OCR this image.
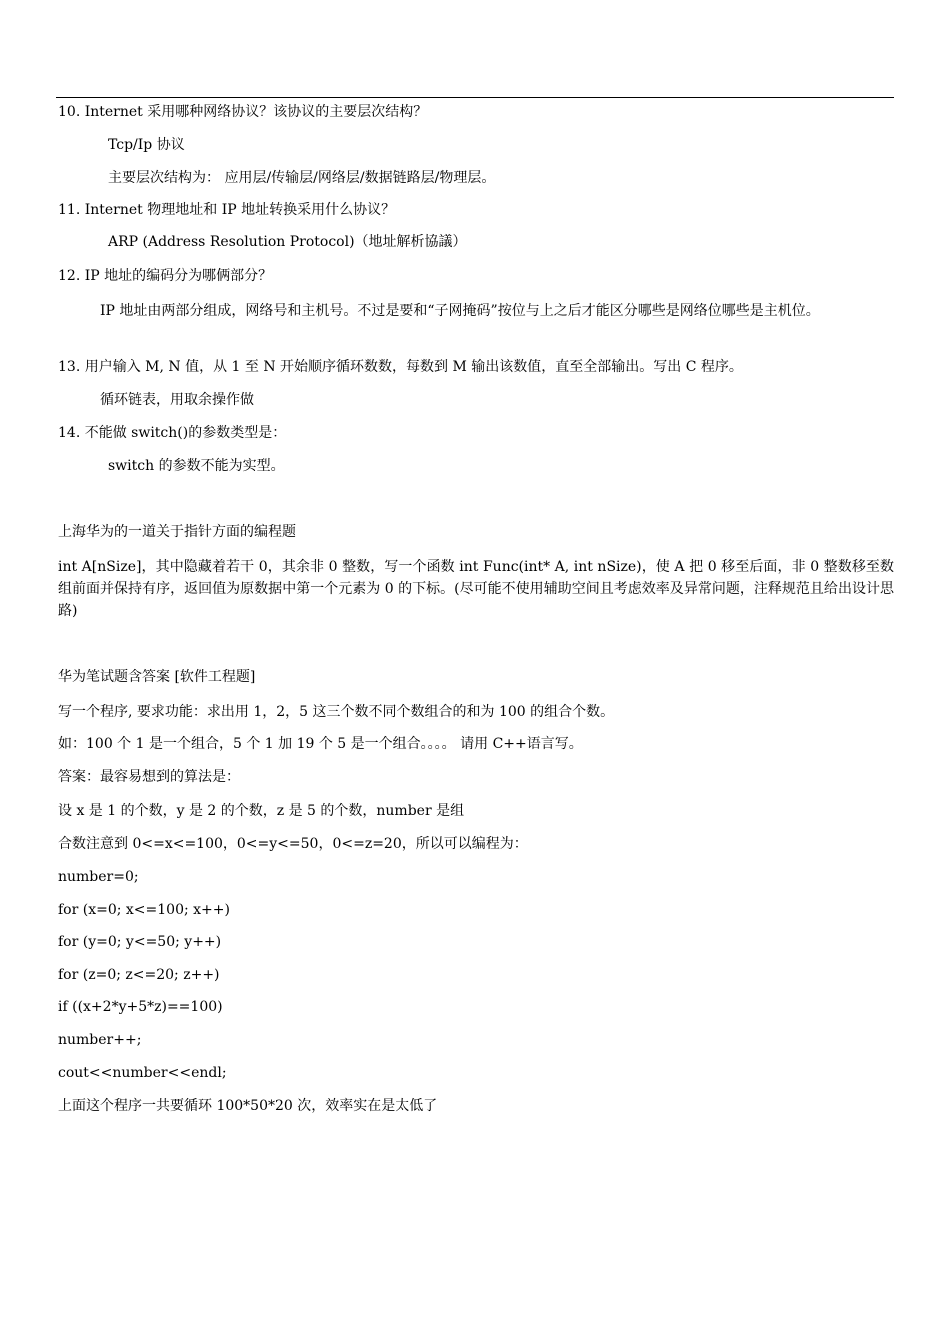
10. Internet 采用哪种网络协议？该协议的主要层次结构？
Tcp/Ip 协议
主要层次结构为： 应用层/传输层/网络层/数据链路层/物理层。
11. Internet 物理地址和 IP 地址转换采用什么协议？
ARP (Address Resolution Protocol)（地址解析協議）
12. IP 地址的编码分为哪俩部分？
IP 地址由两部分组成，网络号和主机号。不过是要和“子网掩码”按位与上之后才能区分哪些是网络位哪些是主机位。
13. 用户输入 M, N 值，从 1 至 N 开始顺序循环数数，每数到 M 输出该数值，直至全部输出。写出 C 程序。
循环链表，用取余操作做
14. 不能做 switch()的参数类型是：
switch 的参数不能为实型。
上海华为的一道关于指针方面的编程题
int A[nSize]，其中隐藏着若干 0，其余非 0 整数，写一个函数 int Func(int* A, int nSize)，使 A 把 0 移至后面，非 0 整数移至数组前面并保持有序，返回值为原数据中第一个元素为 0 的下标。(尽可能不使用辅助空间且考虑效率及异常问题，注释规范且给出设计思路)
华为笔试题含答案 [软件工程题]
写一个程序, 要求功能：求出用 1，2，5 这三个数不同个数组合的和为 100 的组合个数。
如：100 个 1 是一个组合，5 个 1 加 19 个 5 是一个组合。。。。 请用 C++语言写。
答案：最容易想到的算法是：
设 x 是 1 的个数，y 是 2 的个数，z 是 5 的个数，number 是组
合数注意到 0<=x<=100，0<=y<=50，0<=z=20，所以可以编程为：
number=0;
for (x=0; x<=100; x++)
for (y=0; y<=50; y++)
for (z=0; z<=20; z++)
if ((x+2*y+5*z)==100)
number++;
cout<<number<<endl;
上面这个程序一共要循环 100*50*20 次，效率实在是太低了
